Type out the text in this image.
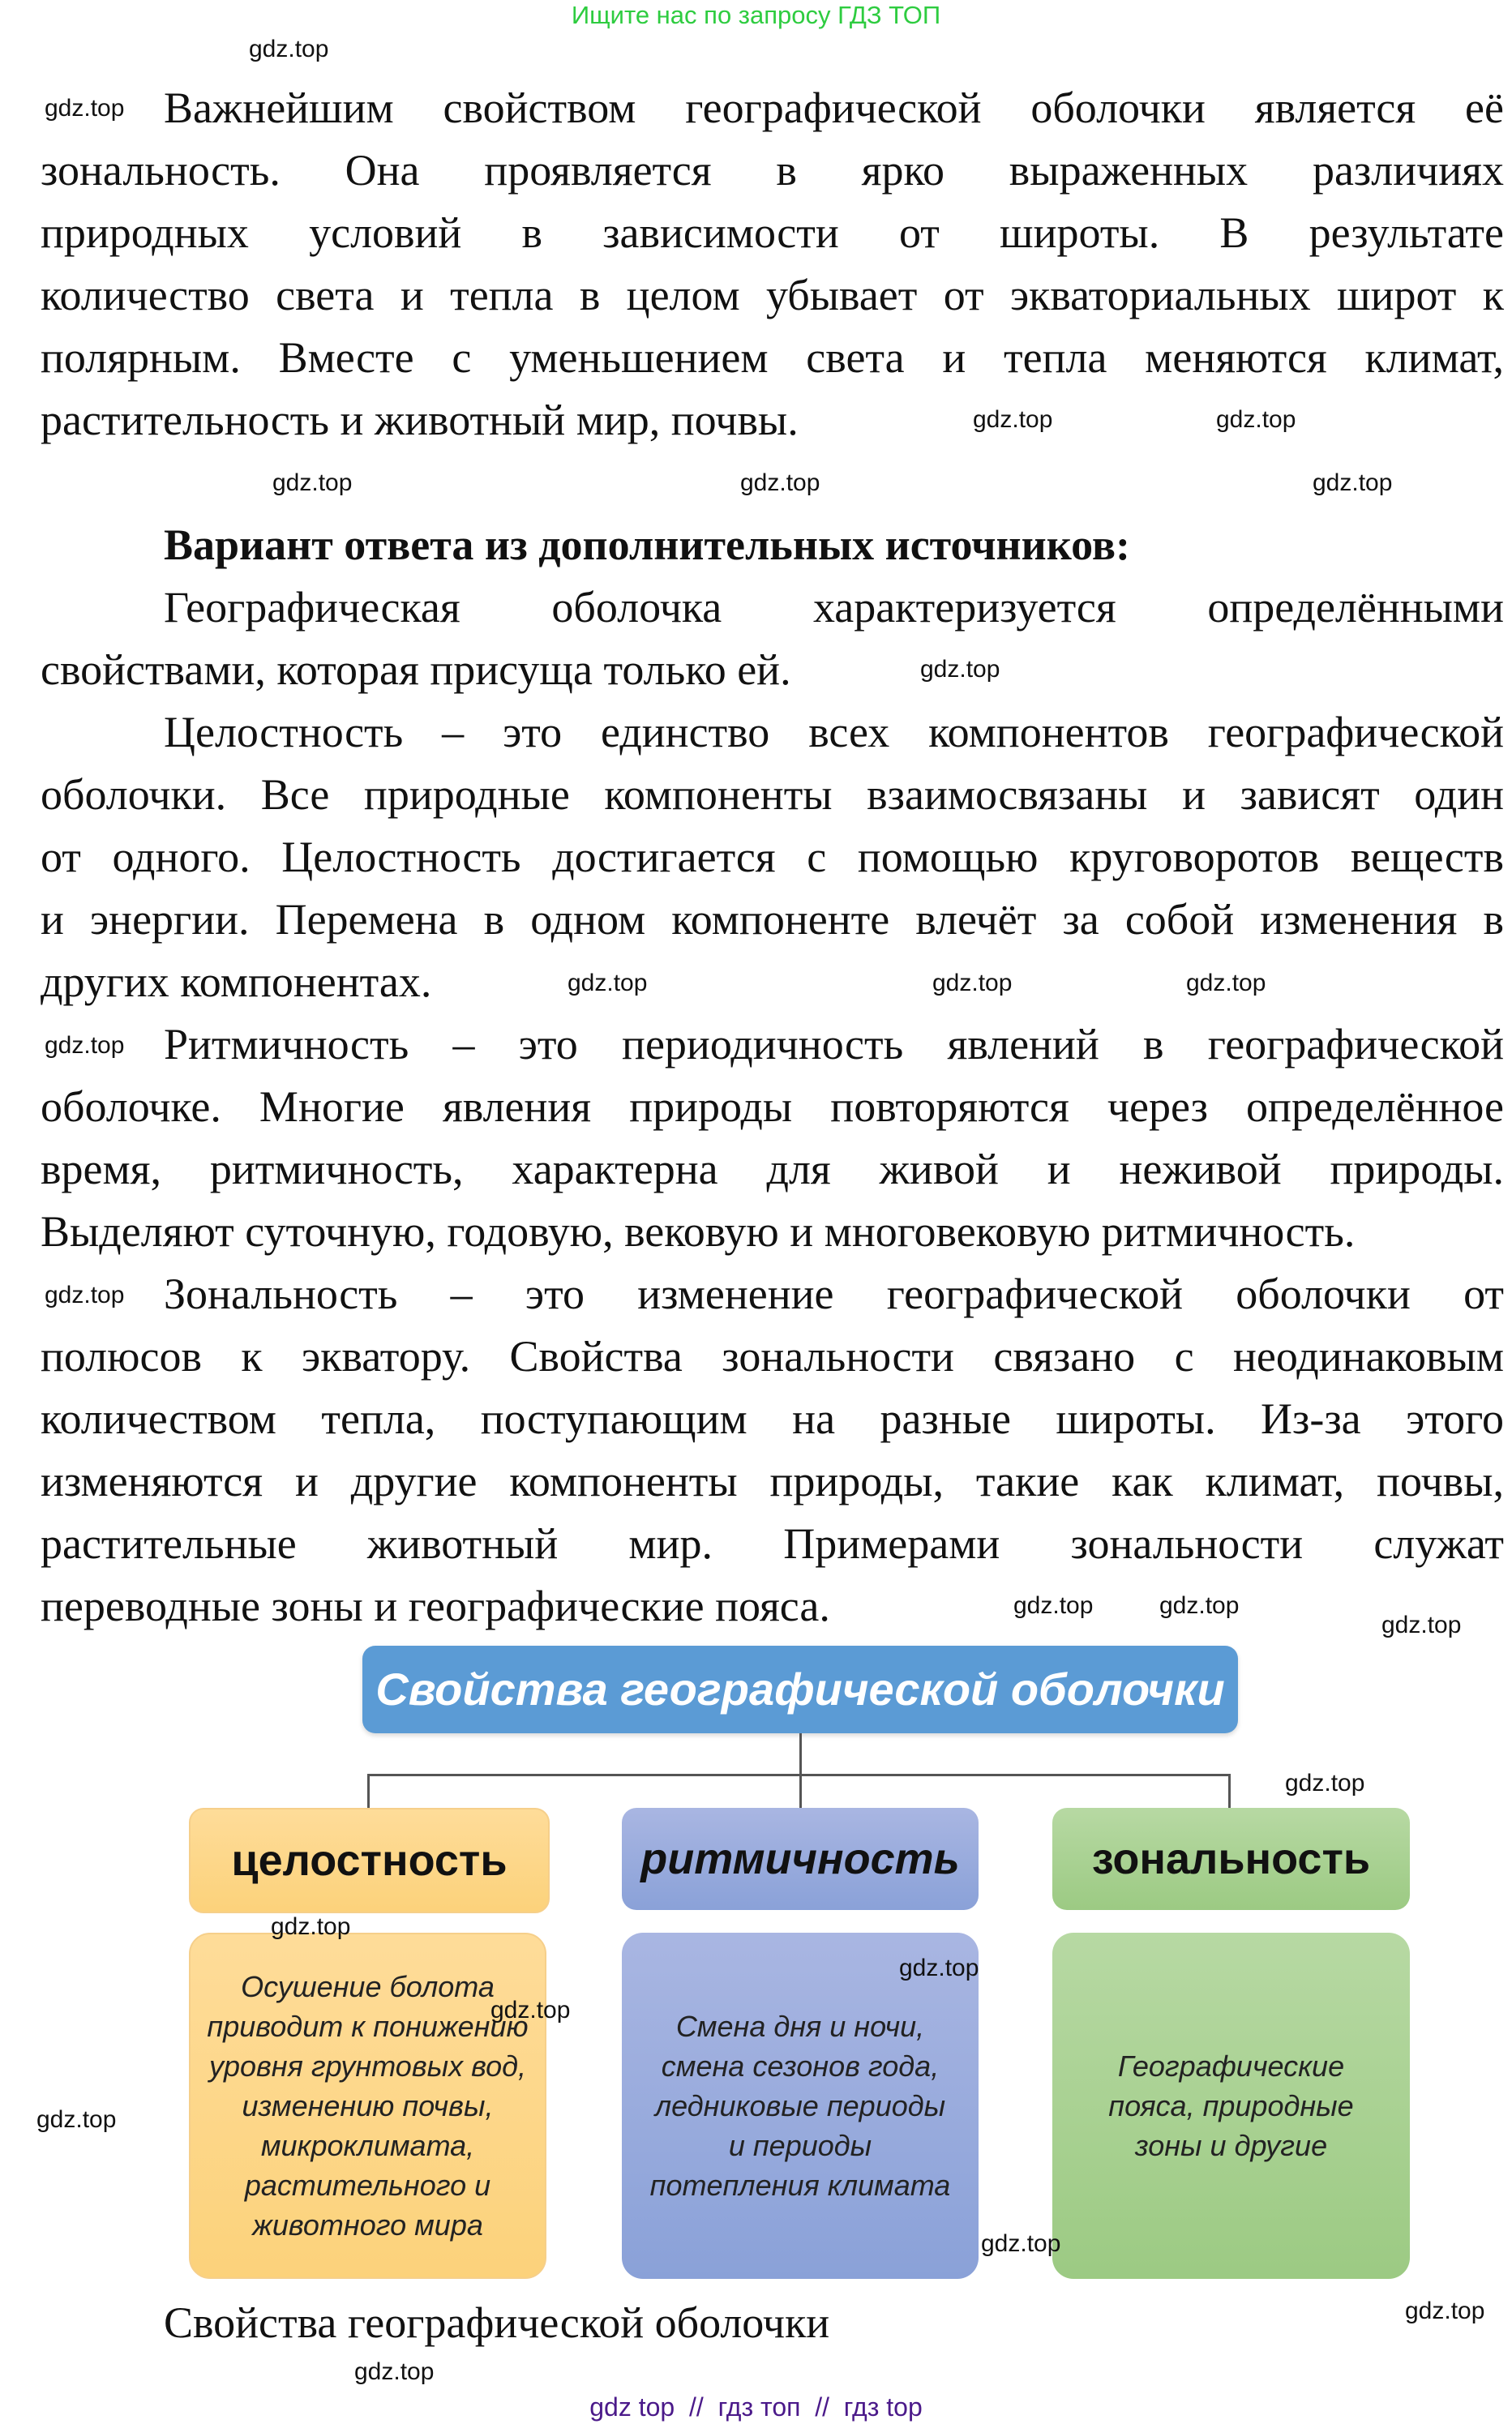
Ищите нас по запросу ГДЗ ТОП
Важнейшим свойством географической оболочки является её
зональность. Она проявляется в ярко выраженных различиях
природных условий в зависимости от широты. В результате
количество света и тепла в целом убывает от экваториальных широт к
полярным. Вместе с уменьшением света и тепла меняются климат,
растительность и животный мир, почвы.
Вариант ответа из дополнительных источников:
Географическая оболочка характеризуется определёнными
свойствами, которая присуща только ей.
Целостность – это единство всех компонентов географической
оболочки. Все природные компоненты взаимосвязаны и зависят один
от одного. Целостность достигается с помощью круговоротов веществ
и энергии. Перемена в одном компоненте влечёт за собой изменения в
других компонентах.
Ритмичность – это периодичность явлений в географической
оболочке. Многие явления природы повторяются через определённое
время, ритмичность, характерна для живой и неживой природы.
Выделяют суточную, годовую, вековую и многовековую ритмичность.
Зональность – это изменение географической оболочки от
полюсов к экватору. Свойства зональности связано с неодинаковым
количеством тепла, поступающим на разные широты. Из-за этого
изменяются и другие компоненты природы, такие как климат, почвы,
растительные животный мир. Примерами зональности служат
переводные зоны и географические пояса.
Свойства географической оболочки
целостность	ритмичность	зональность
Осушение болота приводит к понижению уровня грунтовых вод, изменению почвы, микроклимата, растительного и животного мира
Смена дня и ночи, смена сезонов года, ледниковые периоды и периоды потепления климата
Географические пояса, природные зоны и другие
Свойства географической оболочки
gdz.top
gdz.top
gdz.top
gdz.top
gdz.top	gdz.top
gdz.top
gdz.top
gdz.top	gdz.top	gdz.top
gdz.top
gdz.top
gdz.top	gdz.top
gdz.top
gdz.top
gdz.top
gdz.top
gdz.top
gdz.top
gdz.top
gdz.top
gdz.top
gdz top  //  гдз топ  //  гдз top
